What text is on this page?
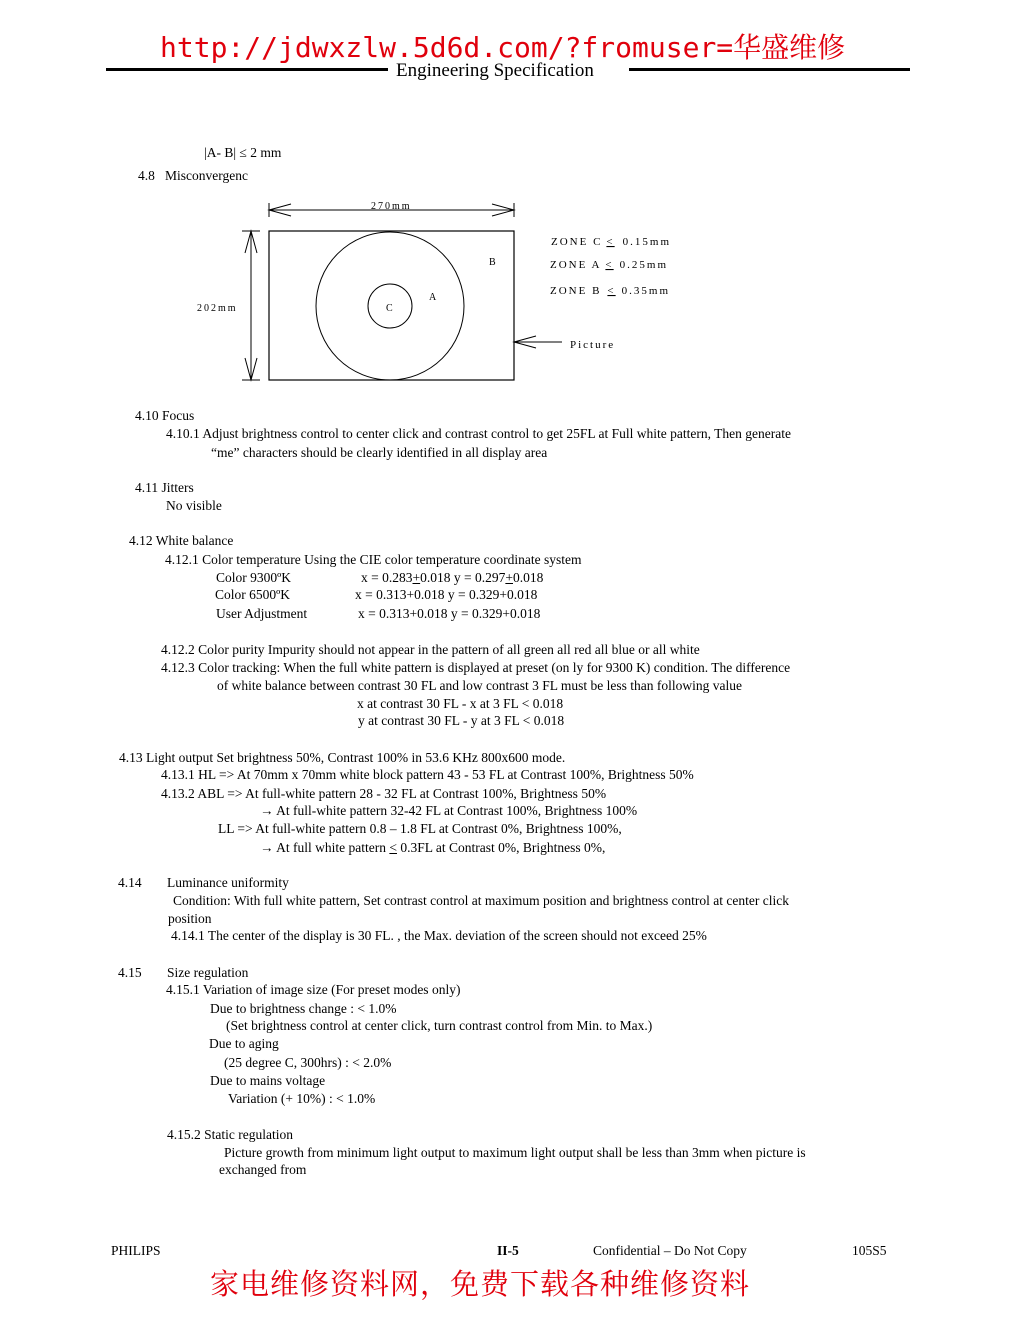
http://jdwxzlw.5d6d.com/?fromuser=华盛维修
Engineering Specification
|A- B| ≤ 2 mm
4.8 Misconvergenc
270mm
202mm	C
A
B
Picture
ZONE C < 0.15mm
ZONE A < 0.25mm
ZONE B < 0.35mm
4.10 Focus
4.10.1 Adjust brightness control to center click and contrast control to get 25FL at Full white pattern, Then generate
“me” characters should be clearly identified in all display area
4.11 Jitters
No visible
4.12 White balance
4.12.1 Color temperature Using the CIE color temperature coordinate system
Color 9300ºK	x = 0.283+0.018 y = 0.297+0.018
Color 6500ºK	x = 0.313+0.018 y = 0.329+0.018
User Adjustment	x = 0.313+0.018 y = 0.329+0.018
4.12.2 Color purity Impurity should not appear in the pattern of all green all red all blue or all white
4.12.3 Color tracking: When the full white pattern is displayed at preset (on ly for 9300 K) condition. The difference
of white balance between contrast 30 FL and low contrast 3 FL must be less than following value
x at contrast 30 FL - x at 3 FL < 0.018
y at contrast 30 FL - y at 3 FL < 0.018
4.13 Light output Set brightness 50%, Contrast 100% in 53.6 KHz 800x600 mode.
4.13.1 HL => At 70mm x 70mm white block pattern 43 - 53 FL at Contrast 100%, Brightness 50%
4.13.2 ABL => At full-white pattern 28 - 32 FL at Contrast 100%, Brightness 50%
→ At full-white pattern 32-42 FL at Contrast 100%, Brightness 100%
LL => At full-white pattern 0.8 – 1.8 FL at Contrast 0%, Brightness 100%,
→ At full white pattern < 0.3FL at Contrast 0%, Brightness 0%,
4.14 Luminance uniformity
Condition: With full white pattern, Set contrast control at maximum position and brightness control at center click
position
4.14.1 The center of the display is 30 FL. , the Max. deviation of the screen should not exceed 25%
4.15 Size regulation
4.15.1 Variation of image size (For preset modes only)
Due to brightness change : < 1.0%
(Set brightness control at center click, turn contrast control from Min. to Max.)
Due to aging
(25 degree C, 300hrs) : < 2.0%
Due to mains voltage
Variation (+ 10%) : < 1.0%
4.15.2 Static regulation
Picture growth from minimum light output to maximum light output shall be less than 3mm when picture is
exchanged from
PHILIPS	II-5	Confidential – Do Not Copy	105S5
家电维修资料网，免费下载各种维修资料
